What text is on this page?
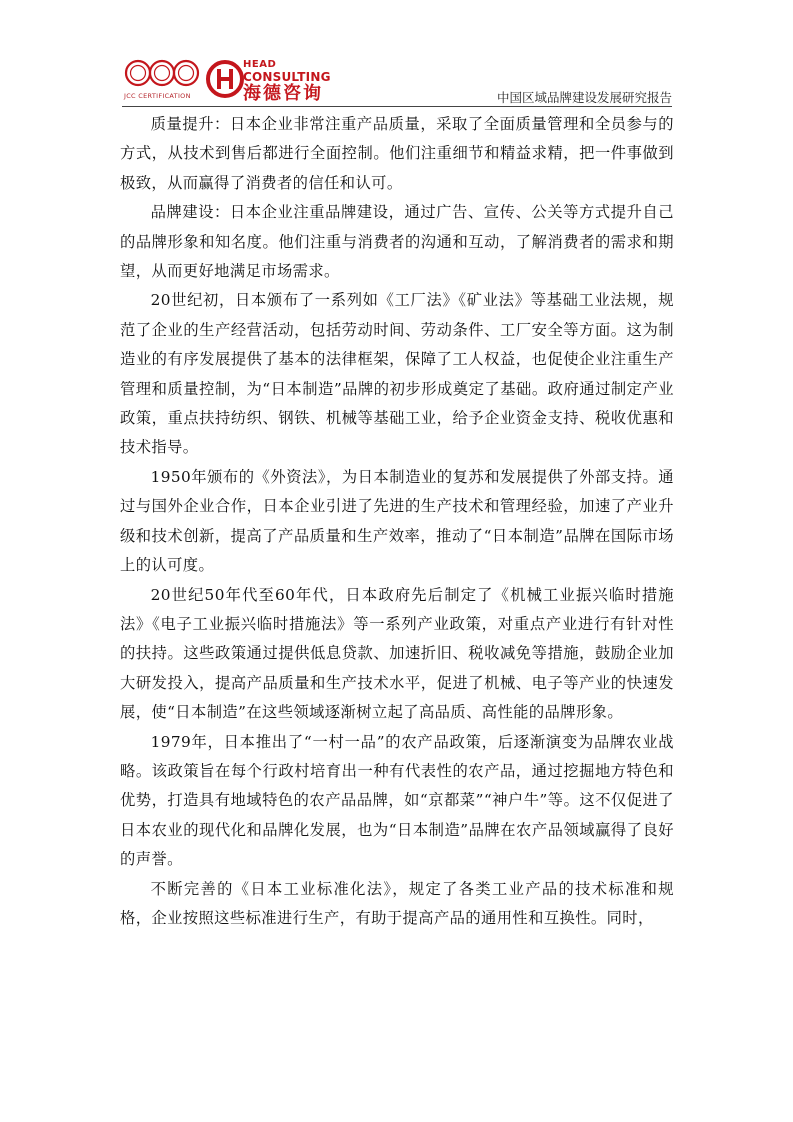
JCC CERTIFICATION
HEAD
CONSULTING
海德咨询	中国区域品牌建设发展研究报告

质量提升：日本企业非常注重产品质量，采取了全面质量管理和全员参与的方式，从技术到售后都进行全面控制。他们注重细节和精益求精，把一件事做到极致，从而赢得了消费者的信任和认可。

品牌建设：日本企业注重品牌建设，通过广告、宣传、公关等方式提升自己的品牌形象和知名度。他们注重与消费者的沟通和互动，了解消费者的需求和期望，从而更好地满足市场需求。

20世纪初，日本颁布了一系列如《工厂法》《矿业法》等基础工业法规，规范了企业的生产经营活动，包括劳动时间、劳动条件、工厂安全等方面。这为制造业的有序发展提供了基本的法律框架，保障了工人权益，也促使企业注重生产管理和质量控制，为“日本制造”品牌的初步形成奠定了基础。政府通过制定产业政策，重点扶持纺织、钢铁、机械等基础工业，给予企业资金支持、税收优惠和技术指导。

1950年颁布的《外资法》，为日本制造业的复苏和发展提供了外部支持。通过与国外企业合作，日本企业引进了先进的生产技术和管理经验，加速了产业升级和技术创新，提高了产品质量和生产效率，推动了“日本制造”品牌在国际市场上的认可度。

20世纪50年代至60年代，日本政府先后制定了《机械工业振兴临时措施法》《电子工业振兴临时措施法》等一系列产业政策，对重点产业进行有针对性的扶持。这些政策通过提供低息贷款、加速折旧、税收减免等措施，鼓励企业加大研发投入，提高产品质量和生产技术水平，促进了机械、电子等产业的快速发展，使“日本制造”在这些领域逐渐树立起了高品质、高性能的品牌形象。

1979年，日本推出了“一村一品”的农产品政策，后逐渐演变为品牌农业战略。该政策旨在每个行政村培育出一种有代表性的农产品，通过挖掘地方特色和优势，打造具有地域特色的农产品品牌，如“京都菜”“神户牛”等。这不仅促进了日本农业的现代化和品牌化发展，也为“日本制造”品牌在农产品领域赢得了良好的声誉。

不断完善的《日本工业标准化法》，规定了各类工业产品的技术标准和规格，企业按照这些标准进行生产，有助于提高产品的通用性和互换性。同时，
